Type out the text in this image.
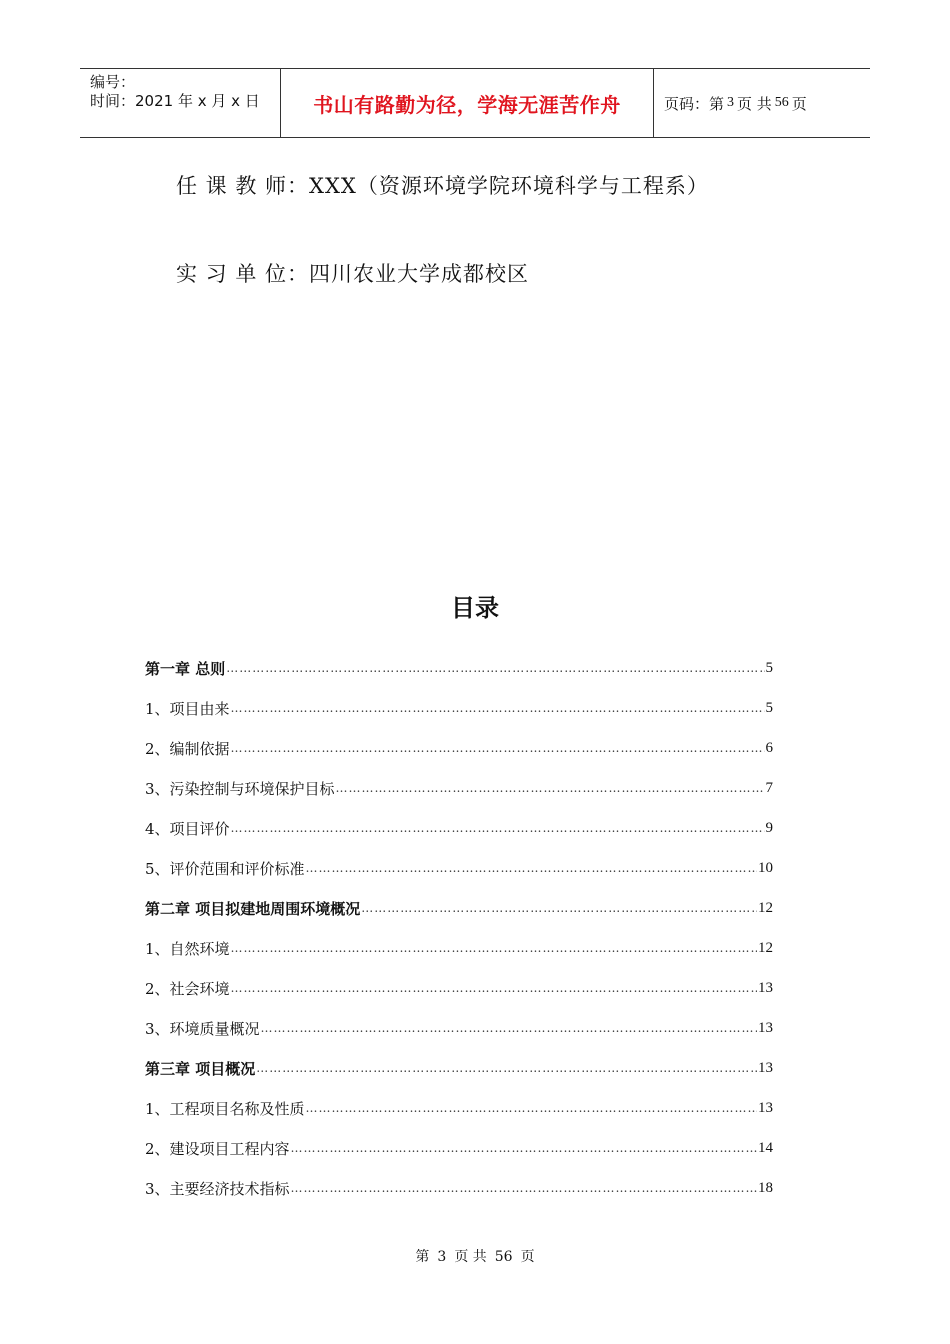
编号：
时间：2021 年 x 月 x 日	书山有路勤为径，学海无涯苦作舟	页码：第 3 页 共 56 页
任 课 教 师：XXX（资源环境学院环境科学与工程系）
实 习 单 位：四川农业大学成都校区
目录
第一章 总则 …………………………………………………………………………………………………………………………………………………………………………	5
1、项目由来 …………………………………………………………………………………………………………………………………………………………………………	5
2、编制依据 …………………………………………………………………………………………………………………………………………………………………………	6
3、污染控制与环境保护目标 …………………………………………………………………………………………………………………………………………………………………………	7
4、项目评价 …………………………………………………………………………………………………………………………………………………………………………	9
5、评价范围和评价标准 …………………………………………………………………………………………………………………………………………………………………………	10
第二章 项目拟建地周围环境概况 …………………………………………………………………………………………………………………………………………………………………………	12
1、自然环境 …………………………………………………………………………………………………………………………………………………………………………	12
2、社会环境 …………………………………………………………………………………………………………………………………………………………………………	13
3、环境质量概况 …………………………………………………………………………………………………………………………………………………………………………	13
第三章 项目概况 …………………………………………………………………………………………………………………………………………………………………………	13
1、工程项目名称及性质 …………………………………………………………………………………………………………………………………………………………………………	13
2、建设项目工程内容 …………………………………………………………………………………………………………………………………………………………………………	14
3、主要经济技术指标 …………………………………………………………………………………………………………………………………………………………………………	18
第 3 页 共 56 页
